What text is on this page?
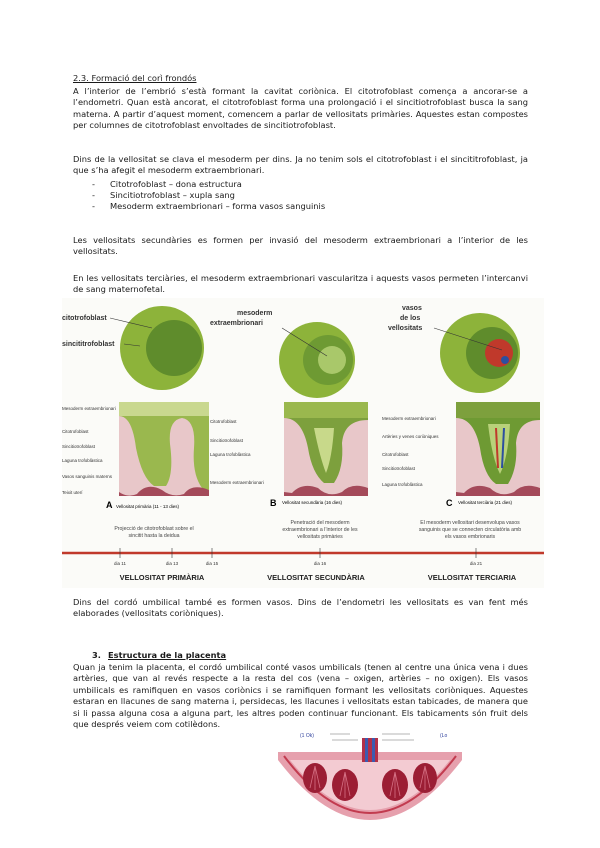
2.3. Formació del corì frondós
A l’interior de l’embrió s’està formant la cavitat coriònica. El citotrofoblast comença a ancorar-se a l’endometri. Quan està ancorat, el citotrofoblast forma una prolongació i el sincitiotrofoblast busca la sang materna. A partir d’aquest moment, comencem a parlar de vellositats primàries. Aquestes estan compostes per columnes de citotrofoblast envoltades de sincitiotrofoblast.
Dins de la vellositat se clava el mesoderm per dins. Ja no tenim sols el citotrofoblast i el sincititrofoblast, ja que s’ha afegit el mesoderm extraembrionari.
- Citotrofoblast – dona estructura
- Sincitiotrofoblast – xupla sang
- Mesoderm extraembrionari – forma vasos sanguinis
Les vellositats secundàries es formen per invasió del mesoderm extraembrionari a l’interior de les vellositats.
En les vellositats terciàries, el mesoderm extraembrionari vascularitza i aquests vasos permeten l’intercanvi de sang maternofetal.
citotrofoblast
sincititrofoblast
mesoderm
extraembrionari
vasos
de los
vellositats
Mesoderm extraembrionari
Citotrofoblast
Sincitiotrofoblast
Laguna trofoblàstica
Vasos sanguinis materns
Teixit uterí
Mesoderm extraembrionari
Citotrofoblast
Sincitiotrofoblast
Laguna trofoblàstica
Mesoderm extraembrionari
Artèries y venes coriòniques
Citotrofoblast
Sincitiotrofoblast
Laguna trofoblàstica
A Vellositat primària (11 - 13 dies)	B Vellositat secundària (16 dies)	C Vellositat terciària (21 dies)
Projecció de citotrofoblast sobre el
sincitit hasta la deidua
Penetració del mesoderm
extraembrionari a l’interior de les
vellositats primàries
El mesoderm vellositari desenvolupa vasos
sanguinis que se connecten circulatòria amb
els vasos embrionaris
dia 11	dia 13	dia 15	dia 16	dia 21
VELLOSITAT PRIMÀRIA	VELLOSITAT SECUNDÀRIA	VELLOSITAT TERCIARIA
Dins del cordó umbilical també es formen vasos. Dins de l’endometri les vellositats es van fent més elaborades (vellositats coriòniques).
3. Estructura de la placenta
Quan ja tenim la placenta, el cordó umbilical conté vasos umbilicals (tenen al centre una única vena i dues artèries, que van al revés respecte a la resta del cos (vena – oxigen, artèries – no oxigen). Els vasos umbilicals es ramifiquen en vasos coriònics i se ramifiquen formant les vellositats coriòniques. Aquestes estaran en llacunes de sang materna i, persidecas, les llacunes i vellositats estan tabicades, de manera que si li passa alguna cosa a alguna part, les altres poden continuar funcionant. Els tabicaments són fruit dels que després veiem com cotilèdons.
(1 Ok)	(Lo
